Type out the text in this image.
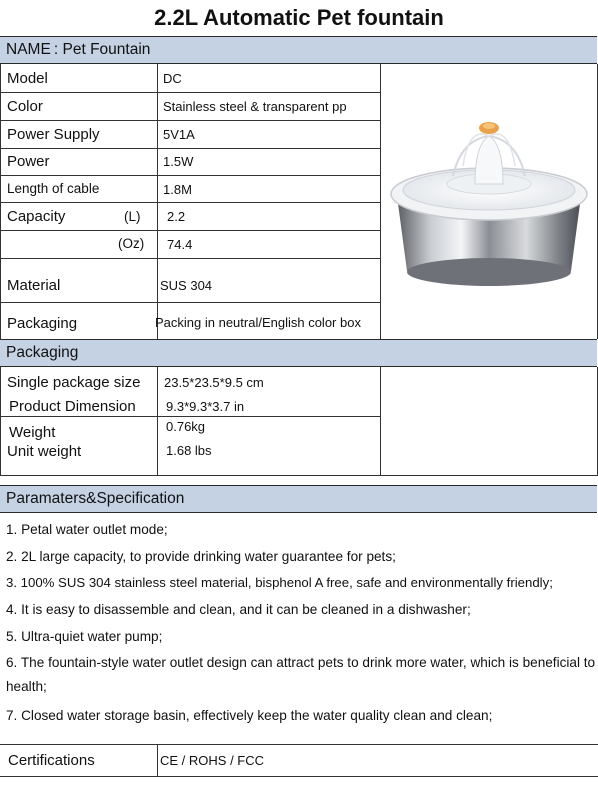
2.2L Automatic Pet fountain
NAME : Pet Fountain
Model	DC
Color	Stainless steel & transparent pp
Power Supply	5V1A
Power	1.5W
Length of cable	1.8M
Capacity	(L) 2.2
(Oz) 74.4
Material	SUS 304
Packaging	Packing in neutral/English color box
Packaging
Single package size 23.5*23.5*9.5 cm
Product Dimension 9.3*9.3*3.7 in
Weight	0.76kg
Unit weight	1.68 lbs
Paramaters&Specification
1. Petal water outlet mode;
2. 2L large capacity, to provide drinking water guarantee for pets;
3. 100% SUS 304 stainless steel material, bisphenol A free, safe and environmentally friendly;
4. It is easy to disassemble and clean, and it can be cleaned in a dishwasher;
5. Ultra-quiet water pump;
6. The fountain-style water outlet design can attract pets to drink more water, which is beneficial to health;
7. Closed water storage basin, effectively keep the water quality clean and clean;
Certifications	CE / ROHS / FCC
